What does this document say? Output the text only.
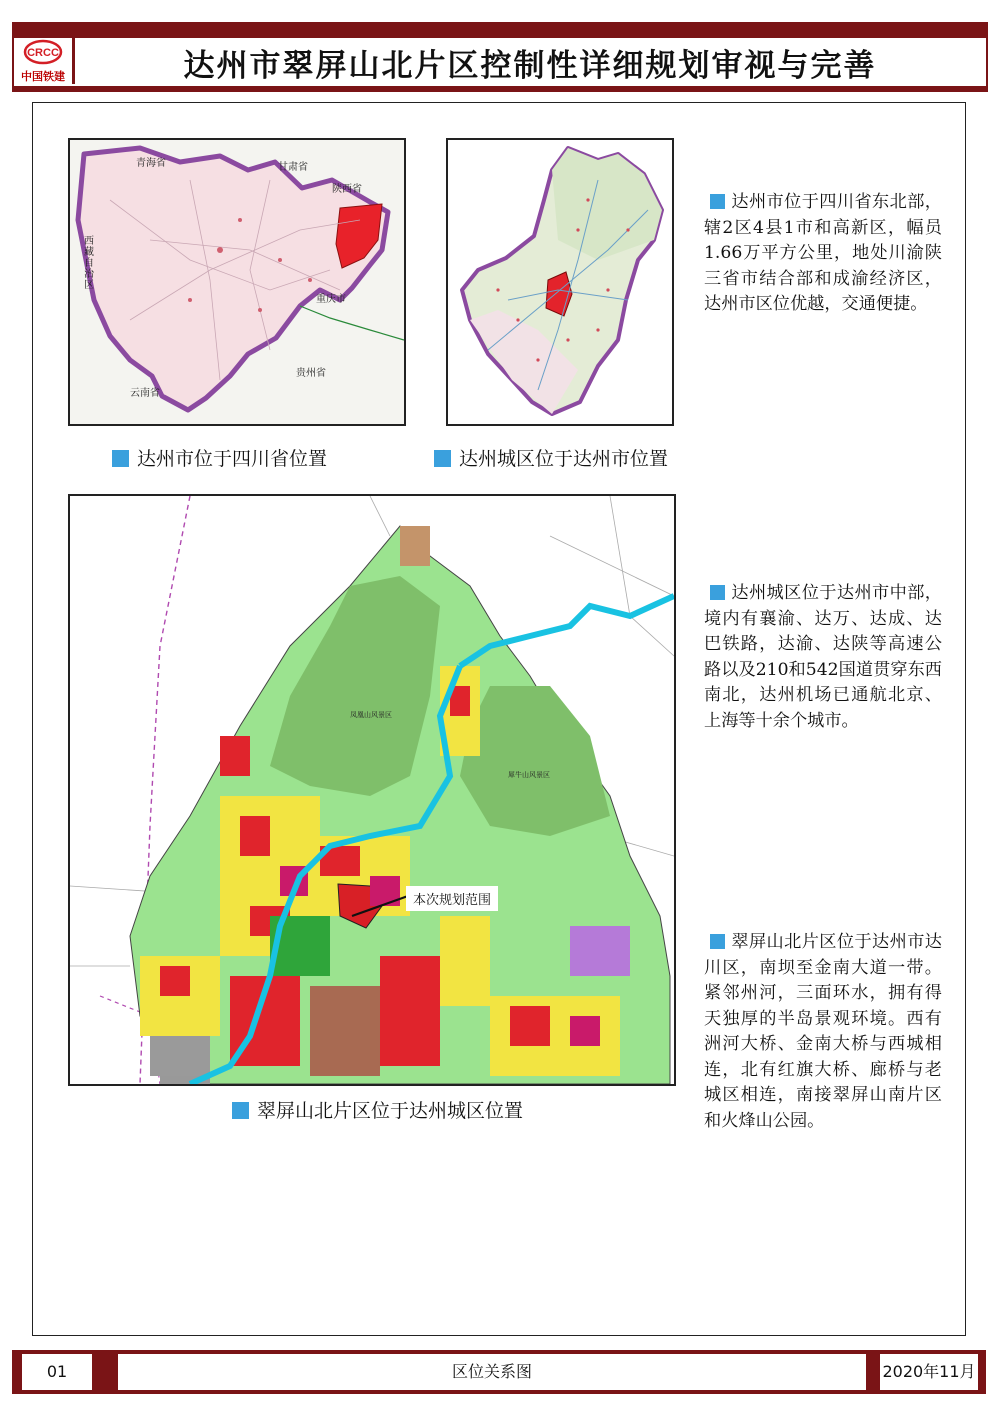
CRCC
中国铁建	达州市翠屏山北片区控制性详细规划审视与完善
青海省	甘肃省
陕西省
西藏自治区
重庆市
云南省
贵州省
达州市位于四川省位置	达州城区位于达州市位置
本次规划范围
凤凰山风景区
犀牛山风景区
翠屏山北片区位于达州城区位置
达州市位于四川省东北部，辖2区4县1市和高新区，幅员1.66万平方公里，地处川渝陕三省市结合部和成渝经济区，达州市区位优越，交通便捷。
达州城区位于达州市中部，境内有襄渝、达万、达成、达巴铁路，达渝、达陕等高速公路以及210和542国道贯穿东西南北，达州机场已通航北京、上海等十余个城市。
翠屏山北片区位于达州市达川区，南坝至金南大道一带。紧邻州河，三面环水，拥有得天独厚的半岛景观环境。西有洲河大桥、金南大桥与西城相连，北有红旗大桥、廊桥与老城区相连，南接翠屏山南片区和火烽山公园。
01	区位关系图	2020年11月
